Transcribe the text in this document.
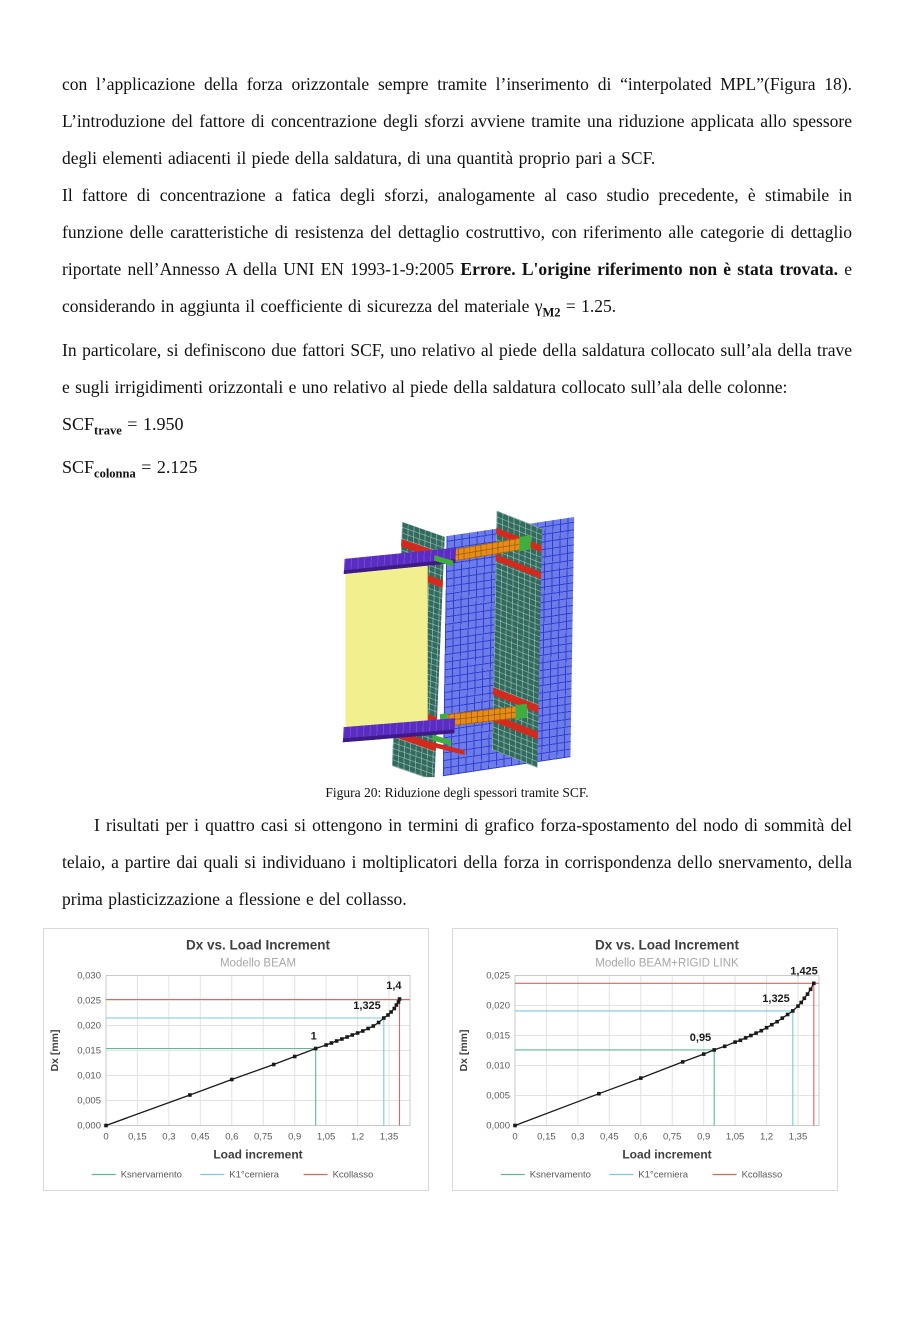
con l’applicazione della forza orizzontale sempre tramite l’inserimento di “interpolated MPL”(Figura 18). L’introduzione del fattore di concentrazione degli sforzi avviene tramite una riduzione applicata allo spessore degli elementi adiacenti il piede della saldatura, di una quantità proprio pari a SCF.

Il fattore di concentrazione a fatica degli sforzi, analogamente al caso studio precedente, è stimabile in funzione delle caratteristiche di resistenza del dettaglio costruttivo, con riferimento alle categorie di dettaglio riportate nell’Annesso A della UNI EN 1993-1-9:2005 Errore. L'origine riferimento non è stata trovata. e considerando in aggiunta il coefficiente di sicurezza del materiale $\gamma_{M2} = 1.25$.

In particolare, si definiscono due fattori SCF, uno relativo al piede della saldatura collocato sull’ala della trave e sugli irrigidimenti orizzontali e uno relativo al piede della saldatura collocato sull’ala delle colonne:

$SCF_{trave} = 1.950$

$SCF_{colonna} = 2.125$

Figura 20: Riduzione degli spessori tramite SCF.

I risultati per i quattro casi si ottengono in termini di grafico forza-spostamento del nodo di sommità del telaio, a partire dai quali si individuano i moltiplicatori della forza in corrispondenza dello snervamento, della prima plasticizzazione a flessione e del collasso.

1
1,325
1,4
0,000
0,005
0,010
0,015
0,020
0,025
0,030
0 0,15 0,3 0,45 0,6 0,75 0,9 1,05 1,2 1,35
Dx vs. Load Increment
Modello BEAM
Load increment
Dx [mm]
Ksnervamento	K1°cerniera	Kcollasso
0,95
1,325
1,425
0,000
0,005
0,010
0,015
0,020
0,025
0 0,15 0,3 0,45 0,6 0,75 0,9 1,05 1,2 1,35
Dx vs. Load Increment
Modello BEAM+RIGID LINK
Load increment
Dx [mm]
Ksnervamento	K1°cerniera	Kcollasso
